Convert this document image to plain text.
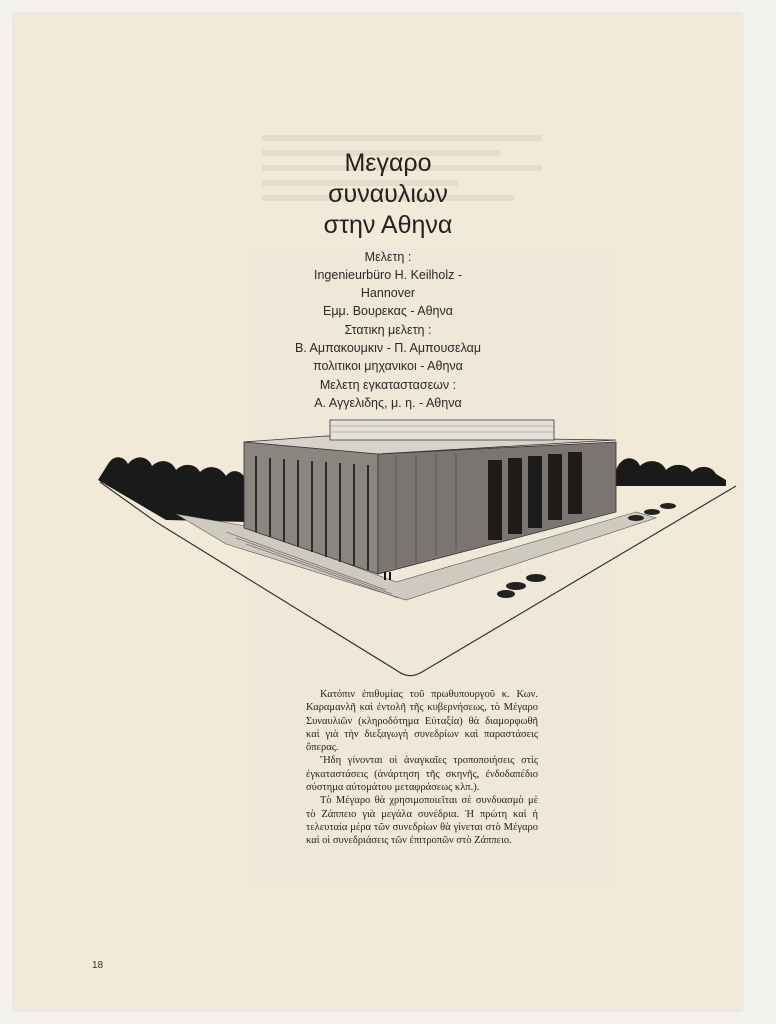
Μεγαρο
συναυλιων
στην Αθηνα
Μελετη :
Ingenieurbüro H. Keilholz -
Hannover
Εμμ. Βουρεκας - Αθηνα
Στατικη μελετη :
Β. Αμπακουμκιν - Π. Αμπουσελαμ
πολιτικοι μηχανικοι - Αθηνα
Μελετη εγκαταστασεων :
Α. Αγγελιδης, μ. η. - Αθηνα

Κατόπιν ἐπιθυμίας τοῦ πρωθυπουργοῦ κ. Κων. Καραμανλῆ καὶ ἐντολῆ τῆς κυβερνήσεως, τὸ Μέγαρο Συναυλιῶν (κληροδότημα Εὐταξία) θὰ διαμορφωθῆ καὶ γιὰ τὴν διεξαγωγὴ συνεδρίων καὶ παραστάσεις ὄπερας.

Ἤδη γίνονται οἱ ἀναγκαῖες τροποποιήσεις στὶς ἐγκαταστάσεις (ἀνάρτηση τῆς σκηνῆς, ἐνδοδαπέδιο σύστημα αὐτομάτου μεταφράσεως κλπ.).

Τὸ Μέγαρο θὰ χρησιμοποιεῖται σὲ συνδυασμὸ μὲ τὸ Ζάππειο γιὰ μεγάλα συνέδρια. Ἡ πρώτη καὶ ἡ τελευταία μέρα τῶν συνεδρίων θὰ γίνεται στὸ Μέγαρο καὶ οἱ συνεδριάσεις τῶν ἐπιτροπῶν στὸ Ζάππειο.

18
